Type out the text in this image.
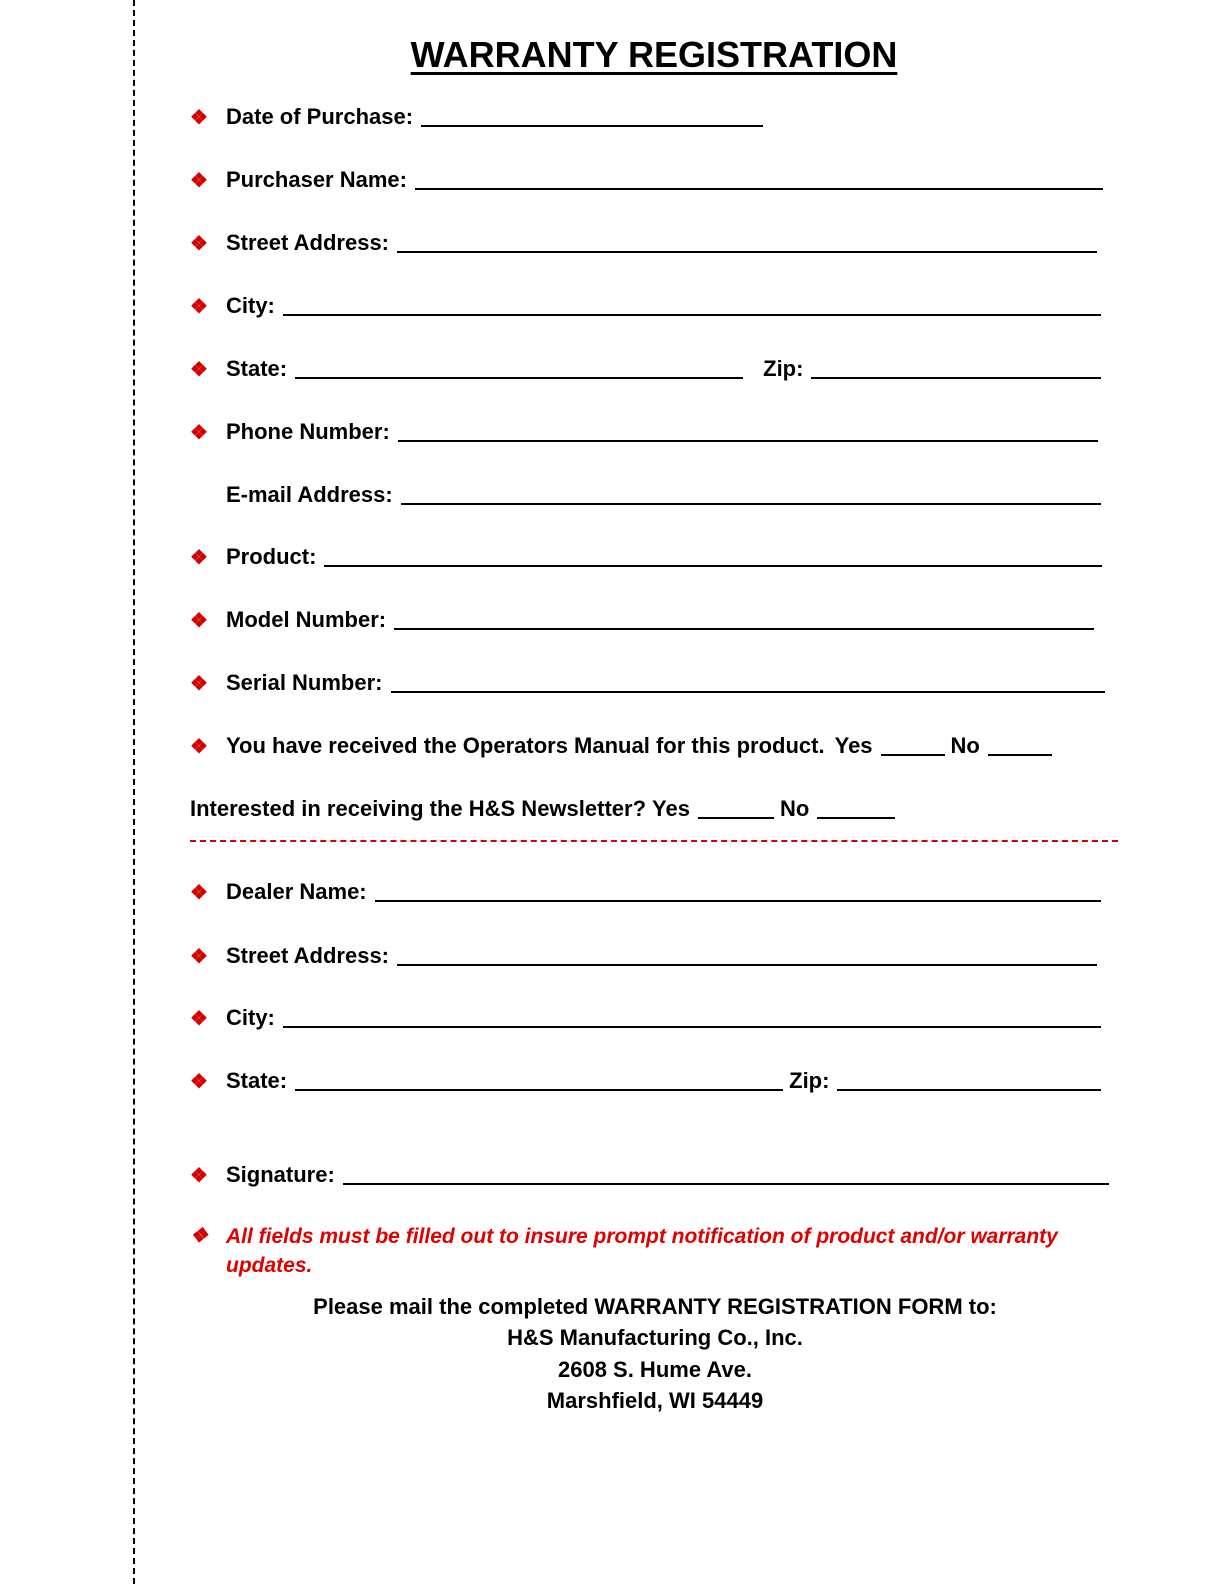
WARRANTY REGISTRATION
❖ Date of Purchase:
❖ Purchaser Name:
❖ Street Address:
❖ City:
❖ State:	Zip:
❖ Phone Number:
E-mail Address:
❖ Product:
❖ Model Number:
❖ Serial Number:
❖ You have received the Operators Manual for this product. Yes	No
Interested in receiving the H&S Newsletter? Yes	No
❖ Dealer Name:
❖ Street Address:
❖ City:
❖ State:	Zip:
❖ Signature:
❖ All fields must be filled out to insure prompt notification of product and/or warranty updates.
Please mail the completed WARRANTY REGISTRATION FORM to:
H&S Manufacturing Co., Inc.
2608 S. Hume Ave.
Marshfield, WI 54449
